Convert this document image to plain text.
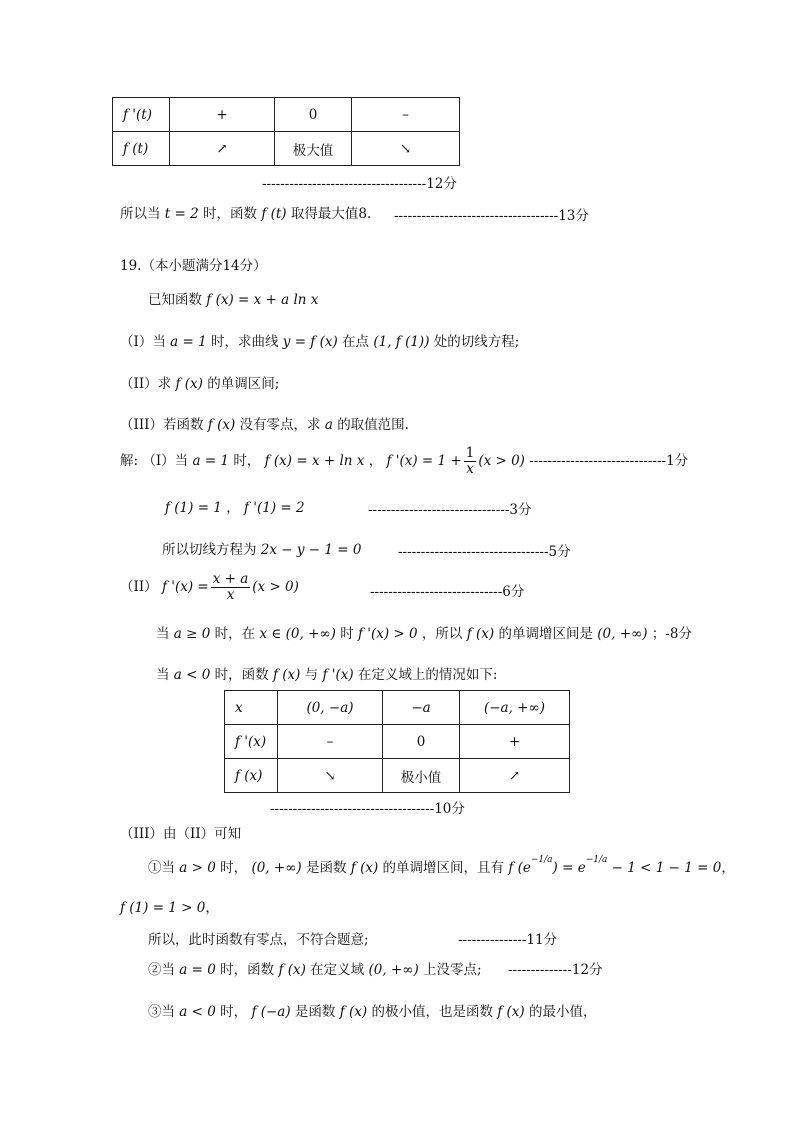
f '(t)	+	0	–
f (t)	↗	极大值	↘
------------------------------------12分
所以当 t = 2 时，函数 f (t) 取得最大值8. ------------------------------------13分
19.（本小题满分14分）
已知函数 f (x) = x + a ln x
（I）当 a = 1 时，求曲线 y = f (x) 在点 (1, f (1)) 处的切线方程;
（II）求 f (x) 的单调区间;
（III）若函数 f (x) 没有零点，求 a 的取值范围.
解: （I）当 a = 1 时， f (x) = x + ln x ， f '$(x) = 1 + \frac{1}{x} (x > 0)$ ------------------------------1分
f (1) = 1 ， f '(1) = 2	-------------------------------3分
所以切线方程为 2x − y − 1 = 0	---------------------------------5分
（II） f '$(x) = \frac{x + a}{x} (x > 0)$	-----------------------------6分
当 a ≥ 0 时，在 x ∈ (0, +∞) 时 f '(x) > 0 ，所以 f (x) 的单调增区间是 (0, +∞) ；-8分
当 a < 0 时，函数 f (x) 与 f '(x) 在定义域上的情况如下:
x	(0, −a)	−a	(−a, +∞)
f '(x)	–	0	+
f (x)	↘	极小值	↗
------------------------------------10分
（III）由（II）可知
①当 a > 0 时， (0, +∞) 是函数 f (x) 的单调增区间，且有 f $(e^{-1/a}) = e^{-1/a} - 1 < 1 - 1 = 0$，
f (1) = 1 > 0，
所以，此时函数有零点，不符合题意;	---------------11分
②当 a = 0 时，函数 f (x) 在定义域 (0, +∞) 上没零点; --------------12分
③当 a < 0 时， f (−a) 是函数 f (x) 的极小值，也是函数 f (x) 的最小值，
